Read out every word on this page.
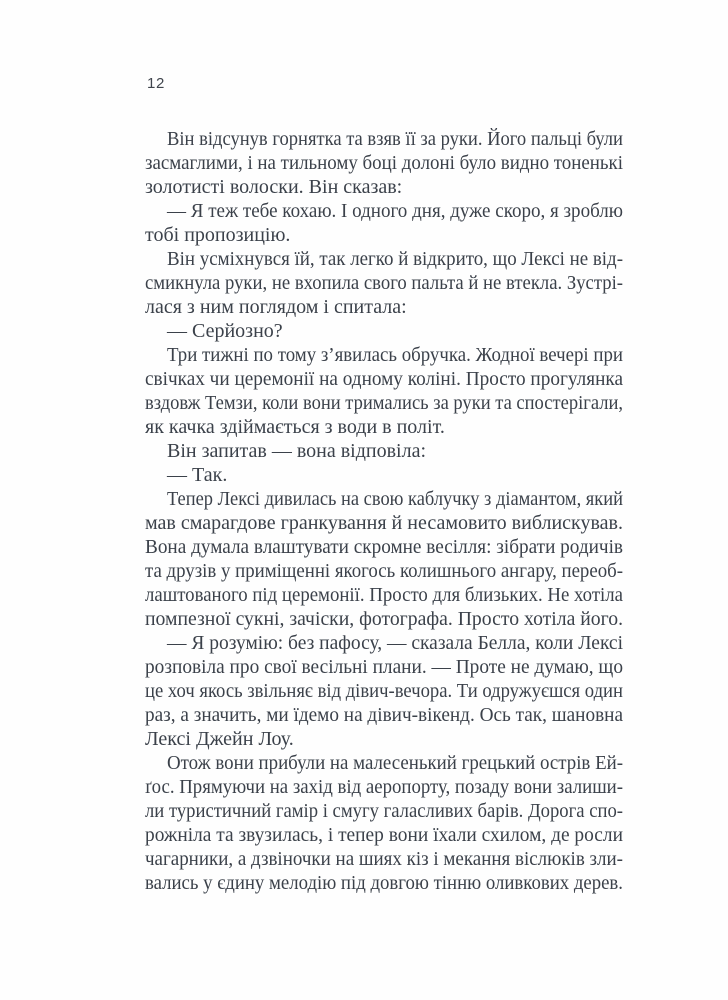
12

Він відсунув горнятка та взяв її за руки. Його пальці були
засмаглими, і на тильному боці долоні було видно тоненькі
золотисті волоски. Він сказав:

— Я теж тебе кохаю. І одного дня, дуже скоро, я зроблю
тобі пропозицію.

Він усміхнувся їй, так легко й відкрито, що Лексі не від-
смикнула руки, не вхопила свого пальта й не втекла. Зустрі-
лася з ним поглядом і спитала:

— Серйозно?

Три тижні по тому з’явилась обручка. Жодної вечері при
свічках чи церемонії на одному коліні. Просто прогулянка
вздовж Темзи, коли вони тримались за руки та спостерігали,
як качка здіймається з води в політ.

Він запитав — вона відповіла:

— Так.

Тепер Лексі дивилась на свою каблучку з діамантом, який
мав смарагдове гранкування й несамовито виблискував.
Вона думала влаштувати скромне весілля: зібрати родичів
та друзів у приміщенні якогось колишнього ангару, переоб-
лаштованого під церемонії. Просто для близьких. Не хотіла
помпезної сукні, зачіски, фотографа. Просто хотіла його.

— Я розумію: без пафосу, — сказала Белла, коли Лексі
розповіла про свої весільні плани. — Проте не думаю, що
це хоч якось звільняє від дівич-вечора. Ти одружуєшся один
раз, а значить, ми їдемо на дівич-вікенд. Ось так, шановна
Лексі Джейн Лоу.

Отож вони прибули на малесенький грецький острів Ей-
ґос. Прямуючи на захід від аеропорту, позаду вони залиши-
ли туристичний гамір і смугу галасливих барів. Дорога спо-
рожніла та звузилась, і тепер вони їхали схилом, де росли
чагарники, а дзвіночки на шиях кіз і мекання віслюків зли-
вались у єдину мелодію під довгою тінню оливкових дерев.
